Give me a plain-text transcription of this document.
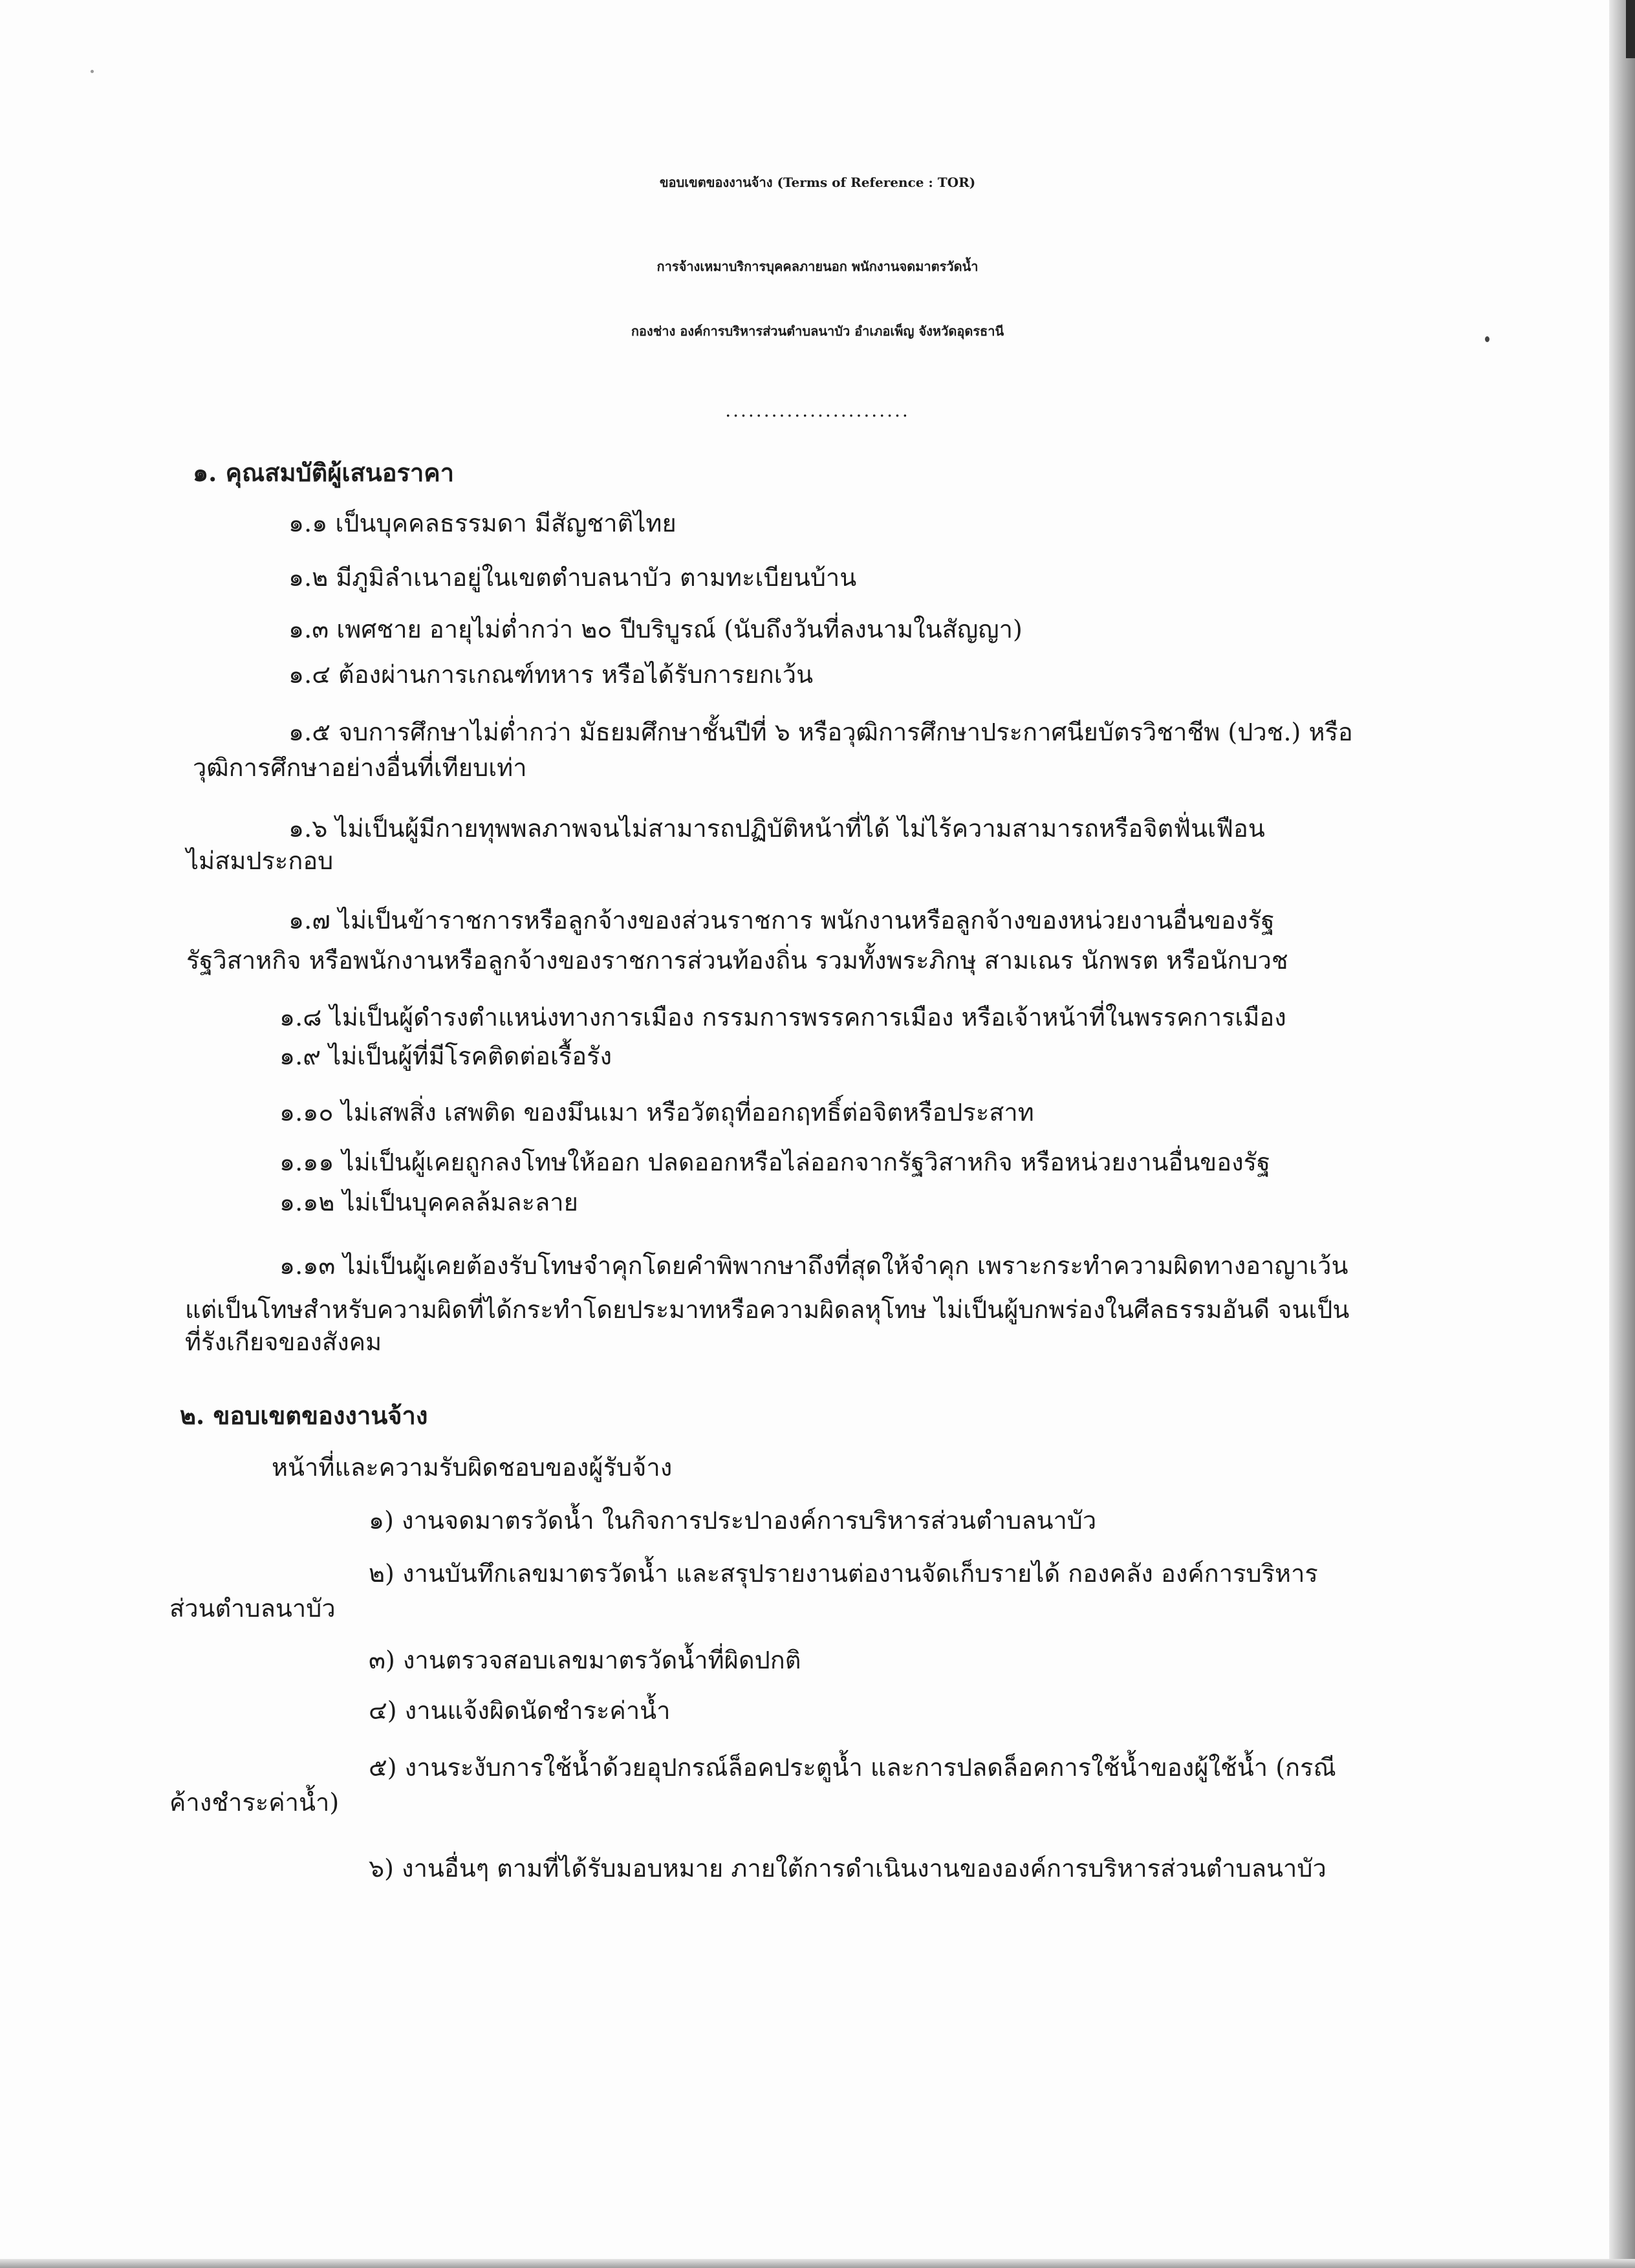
ขอบเขตของงานจ้าง (Terms of Reference : TOR)
การจ้างเหมาบริการบุคคลภายนอก พนักงานจดมาตรวัดน้ำ
กองช่าง องค์การบริหารส่วนตำบลนาบัว อำเภอเพ็ญ จังหวัดอุดรธานี
........................
๑. คุณสมบัติผู้เสนอราคา
๑.๑ เป็นบุคคลธรรมดา มีสัญชาติไทย
๑.๒ มีภูมิลำเนาอยู่ในเขตตำบลนาบัว ตามทะเบียนบ้าน
๑.๓ เพศชาย อายุไม่ต่ำกว่า ๒๐ ปีบริบูรณ์ (นับถึงวันที่ลงนามในสัญญา)
๑.๔ ต้องผ่านการเกณฑ์ทหาร หรือได้รับการยกเว้น
๑.๕ จบการศึกษาไม่ต่ำกว่า มัธยมศึกษาชั้นปีที่ ๖ หรือวุฒิการศึกษาประกาศนียบัตรวิชาชีพ (ปวช.) หรือ
วุฒิการศึกษาอย่างอื่นที่เทียบเท่า
๑.๖ ไม่เป็นผู้มีกายทุพพลภาพจนไม่สามารถปฏิบัติหน้าที่ได้ ไม่ไร้ความสามารถหรือจิตฟั่นเฟือน
ไม่สมประกอบ
๑.๗ ไม่เป็นข้าราชการหรือลูกจ้างของส่วนราชการ พนักงานหรือลูกจ้างของหน่วยงานอื่นของรัฐ
รัฐวิสาหกิจ หรือพนักงานหรือลูกจ้างของราชการส่วนท้องถิ่น รวมทั้งพระภิกษุ สามเณร นักพรต หรือนักบวช
๑.๘ ไม่เป็นผู้ดำรงตำแหน่งทางการเมือง กรรมการพรรคการเมือง หรือเจ้าหน้าที่ในพรรคการเมือง
๑.๙ ไม่เป็นผู้ที่มีโรคติดต่อเรื้อรัง
๑.๑๐ ไม่เสพสิ่ง เสพติด ของมึนเมา หรือวัตถุที่ออกฤทธิ์ต่อจิตหรือประสาท
๑.๑๑ ไม่เป็นผู้เคยถูกลงโทษให้ออก ปลดออกหรือไล่ออกจากรัฐวิสาหกิจ หรือหน่วยงานอื่นของรัฐ
๑.๑๒ ไม่เป็นบุคคลล้มละลาย
๑.๑๓ ไม่เป็นผู้เคยต้องรับโทษจำคุกโดยคำพิพากษาถึงที่สุดให้จำคุก เพราะกระทำความผิดทางอาญาเว้น
แต่เป็นโทษสำหรับความผิดที่ได้กระทำโดยประมาทหรือความผิดลหุโทษ ไม่เป็นผู้บกพร่องในศีลธรรมอันดี จนเป็น
ที่รังเกียจของสังคม
๒. ขอบเขตของงานจ้าง
หน้าที่และความรับผิดชอบของผู้รับจ้าง
๑) งานจดมาตรวัดน้ำ ในกิจการประปาองค์การบริหารส่วนตำบลนาบัว
๒) งานบันทึกเลขมาตรวัดน้ำ และสรุปรายงานต่องานจัดเก็บรายได้ กองคลัง องค์การบริหาร
ส่วนตำบลนาบัว
๓) งานตรวจสอบเลขมาตรวัดน้ำที่ผิดปกติ
๔) งานแจ้งผิดนัดชำระค่าน้ำ
๕) งานระงับการใช้น้ำด้วยอุปกรณ์ล็อคประตูน้ำ และการปลดล็อคการใช้น้ำของผู้ใช้น้ำ (กรณี
ค้างชำระค่าน้ำ)
๖) งานอื่นๆ ตามที่ได้รับมอบหมาย ภายใต้การดำเนินงานขององค์การบริหารส่วนตำบลนาบัว
